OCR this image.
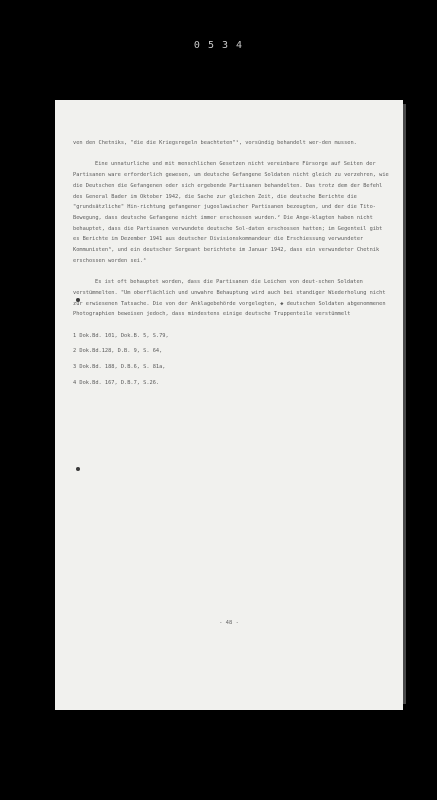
0 5 3 4

ven den Chetniks, "die die Kriegsregeln beachteten"¹, vorsündig behandelt wer-den mussen.

Eine unnaturliche und mit menschlichen Gesetzen nicht vereinbare Fürsorge auf Seiten der Partisanen ware erforderlich gewesen, um deutsche Gefangene Soldaten nicht gleich zu verzehren, wie die Deutschen die Gefangenen oder sich ergebende Partisanen behandelten. Das trotz dem der Befehl des General Bader im Oktober 1942, die Sache zur gleichen Zeit, die deutsche Berichte die "grundsätzliche" Hin-richtung gefangener jugoslawischer Partisanen bezeugten, und der die Tito-Bewegung, dass deutsche Gefangene nicht immer erschossen wurden.² Die Ange-klagten haben nicht behauptet, dass die Partisanen verwundete deutsche Sol-daten erschossen hatten; im Gegenteil gibt es Berichte im Dezember 1941 aus deutscher Divisionskommandeur die Erschiessung verwundeter Kommunisten³, und ein deutscher Sergeant berichtete im Januar 1942, dass ein verwundeter Chetnik erschossen worden sei.⁴

Es ist oft behauptet worden, dass die Partisanen die Leichen von deut-schen Soldaten verstümmelten. "Um oberflächlich und unwahre Behauptung wird auch bei standiger Wiederholung nicht zur erwiesenen Tatsache. Die von der Anklagebehörde vorgelegten, ◆ deutschen Soldaten abgenommenen Photographien beweisen jedoch, dass mindestens einige deutsche Truppenteile verstümmelt

1 Dok.Bd. 101, Dok.B. 5, S.79,
2 Dok.Bd.128, D.B. 9, S. 64,
3 Dok.Bd. 188, D.B.6, S. 81a,
4 Dok.Bd. 167, D.B.7, S.26.
- 48 -
